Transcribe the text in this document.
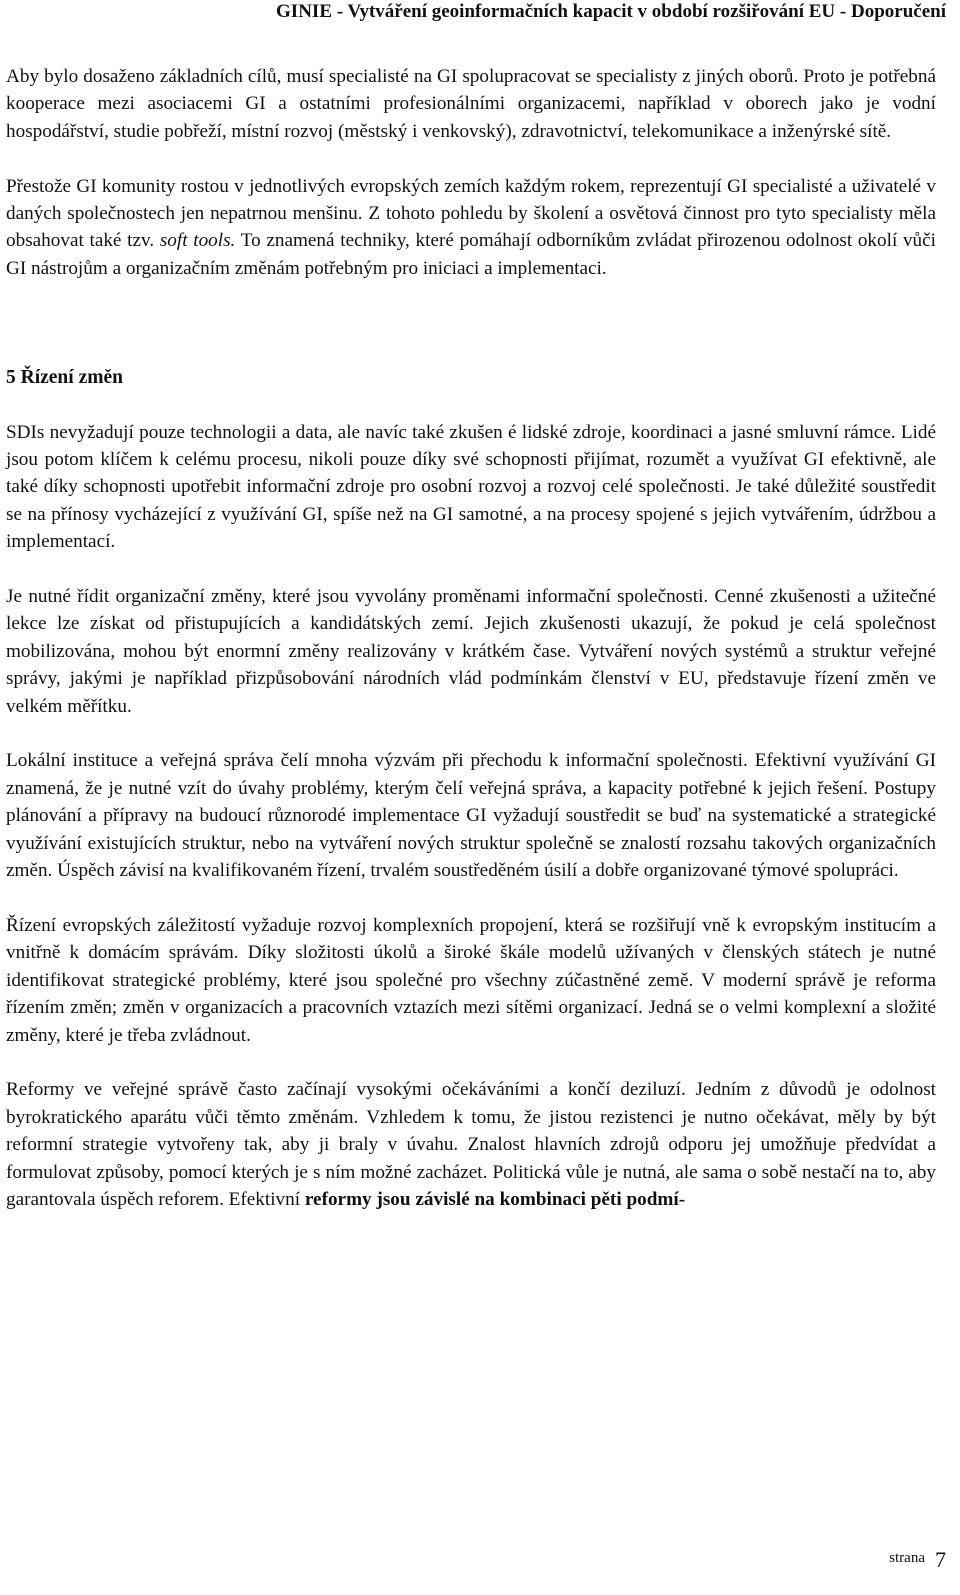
GINIE - Vytváření geoinformačních kapacit v období rozšiřování EU - Doporučení

Aby bylo dosaženo základních cílů, musí specialisté na GI spolupracovat se specialisty z jiných oborů. Proto je potřebná kooperace mezi asociacemi GI a ostatními profesionálními organizacemi, například v oborech jako je vodní hospodářství, studie pobřeží, místní rozvoj (městský i venkovský), zdravotnictví, telekomunikace a inženýrské sítě.

Přestože GI komunity rostou v jednotlivých evropských zemích každým rokem, reprezentují GI specialisté a uživatelé v daných společnostech jen nepatrnou menšinu. Z tohoto pohledu by školení a osvětová činnost pro tyto specialisty měla obsahovat také tzv. soft tools. To znamená techniky, které pomáhají odborníkům zvládat přirozenou odolnost okolí vůči GI nástrojům a organizačním změnám potřebným pro iniciaci a implementaci.

5 Řízení změn

SDIs nevyžadují pouze technologii a data, ale navíc také zkušen é lidské zdroje, koordinaci a jasné smluvní rámce. Lidé jsou potom klíčem k celému procesu, nikoli pouze díky své schopnosti přijímat, rozumět a využívat GI efektivně, ale také díky schopnosti upotřebit informační zdroje pro osobní rozvoj a rozvoj celé společnosti. Je také důležité soustředit se na přínosy vycházející z využívání GI, spíše než na GI samotné, a na procesy spojené s jejich vytvářením, údržbou a implementací.

Je nutné řídit organizační změny, které jsou vyvolány proměnami informační společnosti. Cenné zkušenosti a užitečné lekce lze získat od přistupujících a kandidátských zemí. Jejich zkušenosti ukazují, že pokud je celá společnost mobilizována, mohou být enormní změny realizovány v krátkém čase. Vytváření nových systémů a struktur veřejné správy, jakými je například přizpůsobování národních vlád podmínkám členství v EU, představuje řízení změn ve velkém měřítku.

Lokální instituce a veřejná správa čelí mnoha výzvám při přechodu k informační společnosti. Efektivní využívání GI znamená, že je nutné vzít do úvahy problémy, kterým čelí veřejná správa, a kapacity potřebné k jejich řešení. Postupy plánování a přípravy na budoucí různorodé implementace GI vyžadují soustředit se buď na systematické a strategické využívání existujících struktur, nebo na vytváření nových struktur společně se znalostí rozsahu takových organizačních změn. Úspěch závisí na kvalifikovaném řízení, trvalém soustředěném úsilí a dobře organizované týmové spolupráci.

Řízení evropských záležitostí vyžaduje rozvoj komplexních propojení, která se rozšiřují vně k evropským institucím a vnitřně k domácím správám. Díky složitosti úkolů a široké škále modelů užívaných v členských státech je nutné identifikovat strategické problémy, které jsou společné pro všechny zúčastněné země. V moderní správě je reforma řízením změn; změn v organizacích a pracovních vztazích mezi sítěmi organizací. Jedná se o velmi komplexní a složité změny, které je třeba zvládnout.

Reformy ve veřejné správě často začínají vysokými očekáváními a končí deziluzí. Jedním z důvodů je odolnost byrokratického aparátu vůči těmto změnám. Vzhledem k tomu, že jistou rezistenci je nutno očekávat, měly by být reformní strategie vytvořeny tak, aby ji braly v úvahu. Znalost hlavních zdrojů odporu jej umožňuje předvídat a formulovat způsoby, pomocí kterých je s ním možné zacházet. Politická vůle je nutná, ale sama o sobě nestačí na to, aby garantovala úspěch reforem. Efektivní reformy jsou závislé na kombinaci pěti podmí-

strana 7
